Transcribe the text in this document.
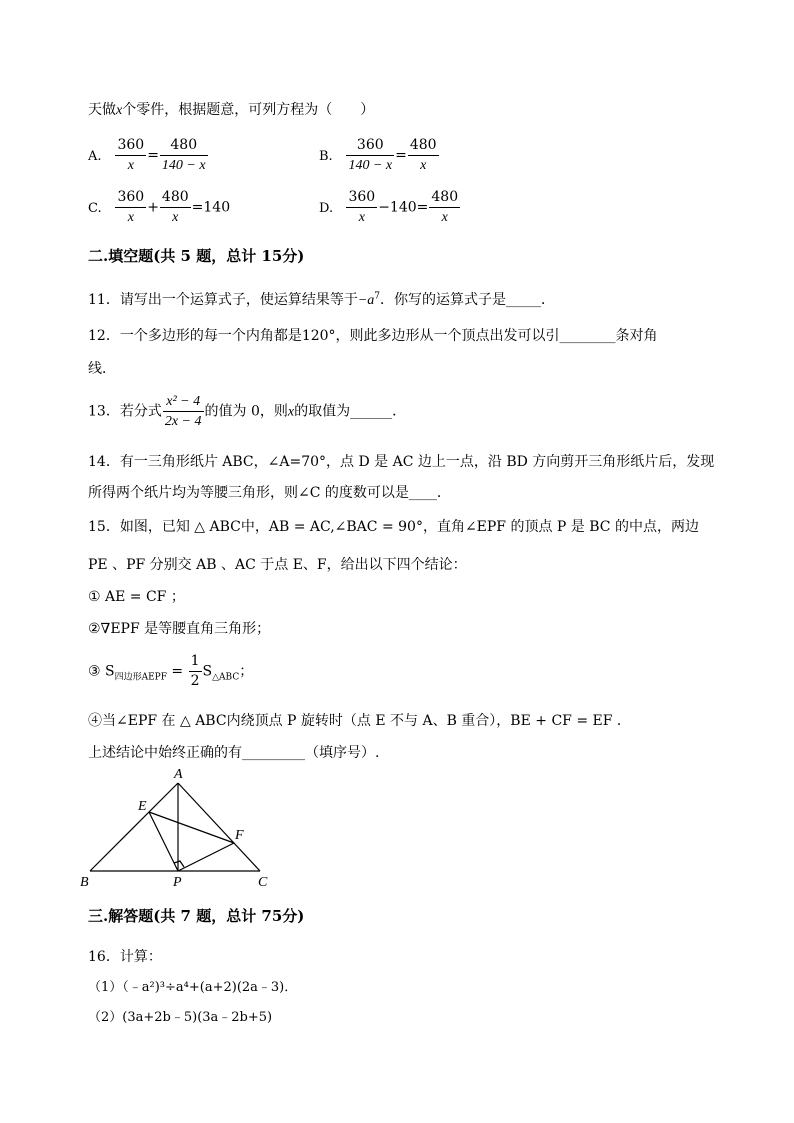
天做x个零件，根据题意，可列方程为（　　）
A. $\frac{360}{x} = \frac{480}{140 - x}$	B. $\frac{360}{140 - x} = \frac{480}{x}$
C. $\frac{360}{x} + \frac{480}{x} =140$	D. $\frac{360}{x} -140= \frac{480}{x}$
二.填空题(共 5 题，总计 15分)
11．请写出一个运算式子，使运算结果等于$-a^7$．你写的运算式子是_____．
12．一个多边形的每一个内角都是120°，则此多边形从一个顶点出发可以引________条对角
线．
13．若分式 $\frac{\text{x² − 4}}{2x - 4}$ 的值为 0，则x的取值为______．
14．有一三角形纸片 ABC，∠A=70°，点 D 是 AC 边上一点，沿 BD 方向剪开三角形纸片后，发现
所得两个纸片均为等腰三角形，则∠C 的度数可以是____．
15．如图，已知 △ ABC中，AB = AC,∠BAC = 90°，直角∠EPF 的顶点 P 是 BC 的中点，两边
PE 、PF 分别交 AB 、AC 于点 E、F，给出以下四个结论：
① AE = CF ；
②∇EPF 是等腰直角三角形；
③ $S_{四边形AEPF} = \frac{1}{2} S_{\triangle ABC}$；
④当∠EPF 在 △ ABC内绕顶点 P 旋转时（点 E 不与 A、B 重合），BE + CF = EF ．
上述结论中始终正确的有_________（填序号）.
A
B	C
E
F
P
三.解答题(共 7 题，总计 75分)
16．计算：
（1）（﹣a²)³÷a⁴+(a+2)(2a﹣3)．
（2）(3a+2b﹣5)(3a﹣2b+5)
